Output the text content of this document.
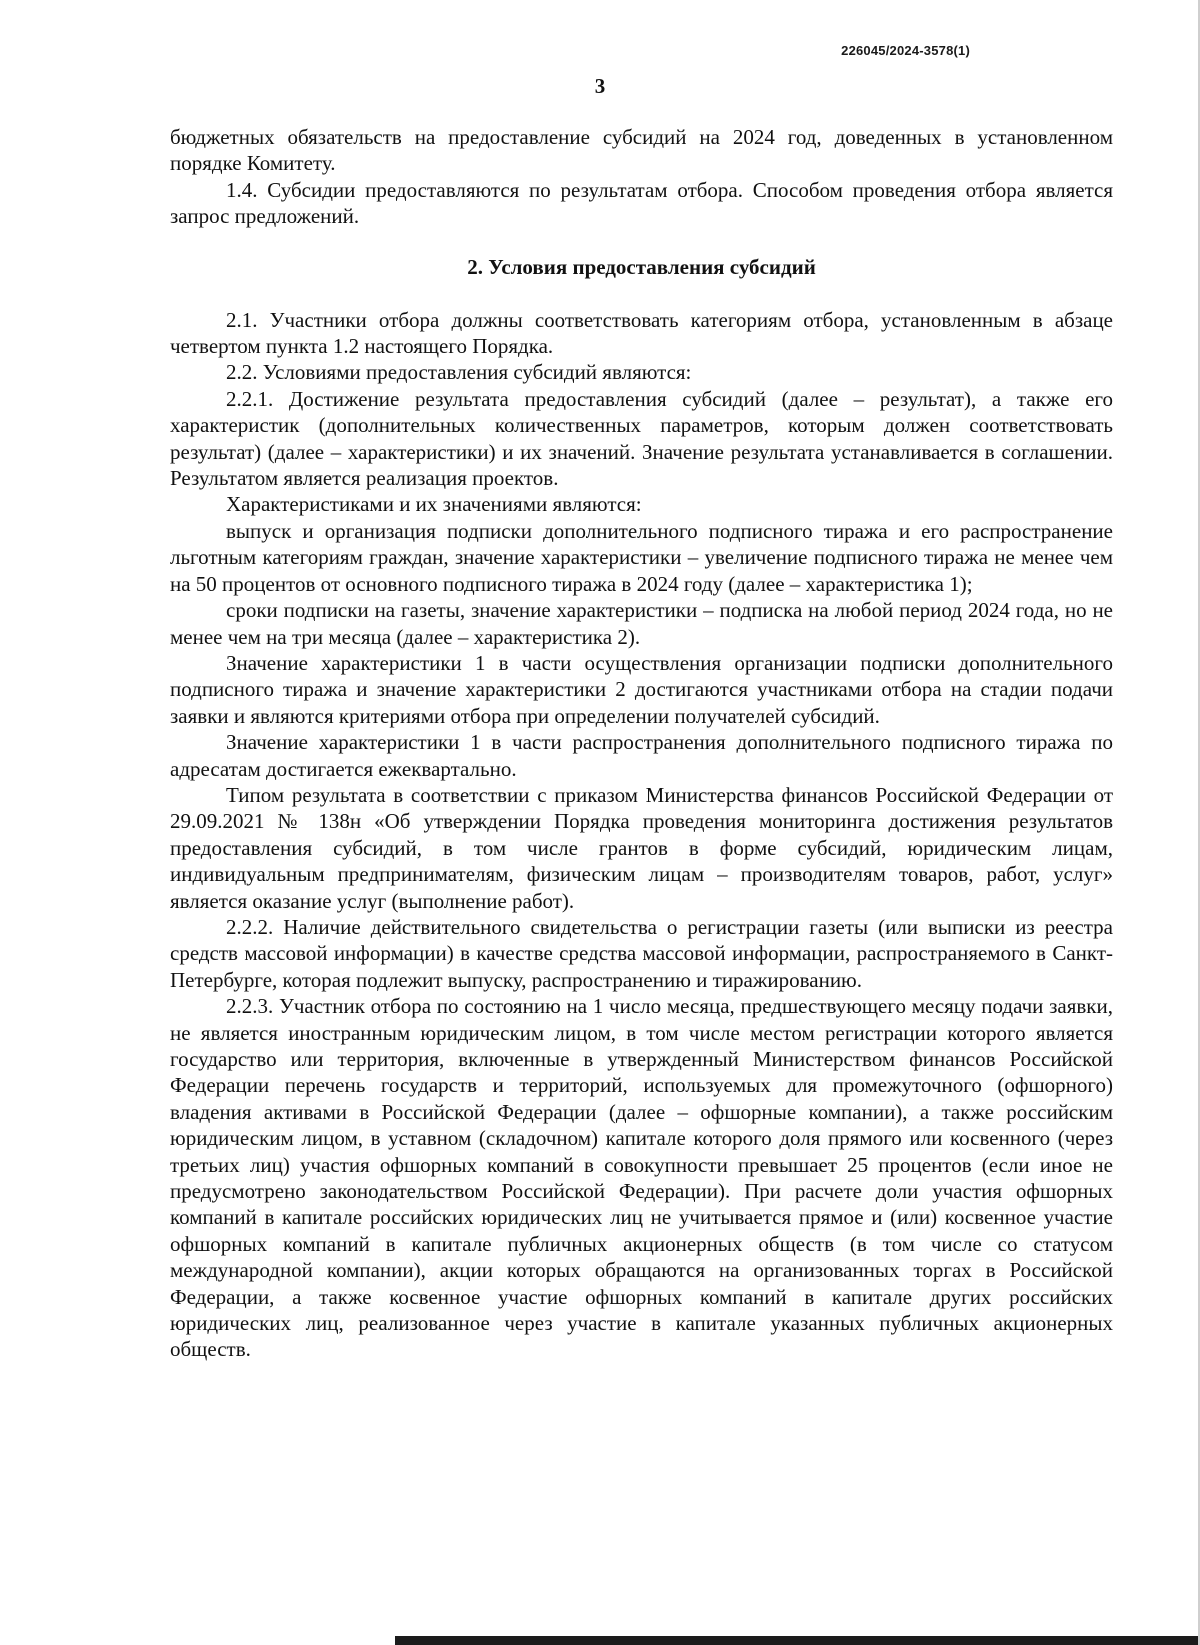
226045/2024-3578(1)
3

бюджетных обязательств на предоставление субсидий на 2024 год, доведенных в установленном порядке Комитету.

1.4. Субсидии предоставляются по результатам отбора. Способом проведения отбора является запрос предложений.

2. Условия предоставления субсидий

2.1. Участники отбора должны соответствовать категориям отбора, установленным в абзаце четвертом пункта 1.2 настоящего Порядка.

2.2. Условиями предоставления субсидий являются:

2.2.1. Достижение результата предоставления субсидий (далее – результат), а также его характеристик (дополнительных количественных параметров, которым должен соответствовать результат) (далее – характеристики) и их значений. Значение результата устанавливается в соглашении. Результатом является реализация проектов.

Характеристиками и их значениями являются:

выпуск и организация подписки дополнительного подписного тиража и его распространение льготным категориям граждан, значение характеристики – увеличение подписного тиража не менее чем на 50 процентов от основного подписного тиража в 2024 году (далее – характеристика 1);

сроки подписки на газеты, значение характеристики – подписка на любой период 2024 года, но не менее чем на три месяца (далее – характеристика 2).

Значение характеристики 1 в части осуществления организации подписки дополнительного подписного тиража и значение характеристики 2 достигаются участниками отбора на стадии подачи заявки и являются критериями отбора при определении получателей субсидий.

Значение характеристики 1 в части распространения дополнительного подписного тиража по адресатам достигается ежеквартально.

Типом результата в соответствии с приказом Министерства финансов Российской Федерации от 29.09.2021 № 138н «Об утверждении Порядка проведения мониторинга достижения результатов предоставления субсидий, в том числе грантов в форме субсидий, юридическим лицам, индивидуальным предпринимателям, физическим лицам – производителям товаров, работ, услуг» является оказание услуг (выполнение работ).

2.2.2. Наличие действительного свидетельства о регистрации газеты (или выписки из реестра средств массовой информации) в качестве средства массовой информации, распространяемого в Санкт-Петербурге, которая подлежит выпуску, распространению и тиражированию.

2.2.3. Участник отбора по состоянию на 1 число месяца, предшествующего месяцу подачи заявки, не является иностранным юридическим лицом, в том числе местом регистрации которого является государство или территория, включенные в утвержденный Министерством финансов Российской Федерации перечень государств и территорий, используемых для промежуточного (офшорного) владения активами в Российской Федерации (далее – офшорные компании), а также российским юридическим лицом, в уставном (складочном) капитале которого доля прямого или косвенного (через третьих лиц) участия офшорных компаний в совокупности превышает 25 процентов (если иное не предусмотрено законодательством Российской Федерации). При расчете доли участия офшорных компаний в капитале российских юридических лиц не учитывается прямое и (или) косвенное участие офшорных компаний в капитале публичных акционерных обществ (в том числе со статусом международной компании), акции которых обращаются на организованных торгах в Российской Федерации, а также косвенное участие офшорных компаний в капитале других российских юридических лиц, реализованное через участие в капитале указанных публичных акционерных обществ.
